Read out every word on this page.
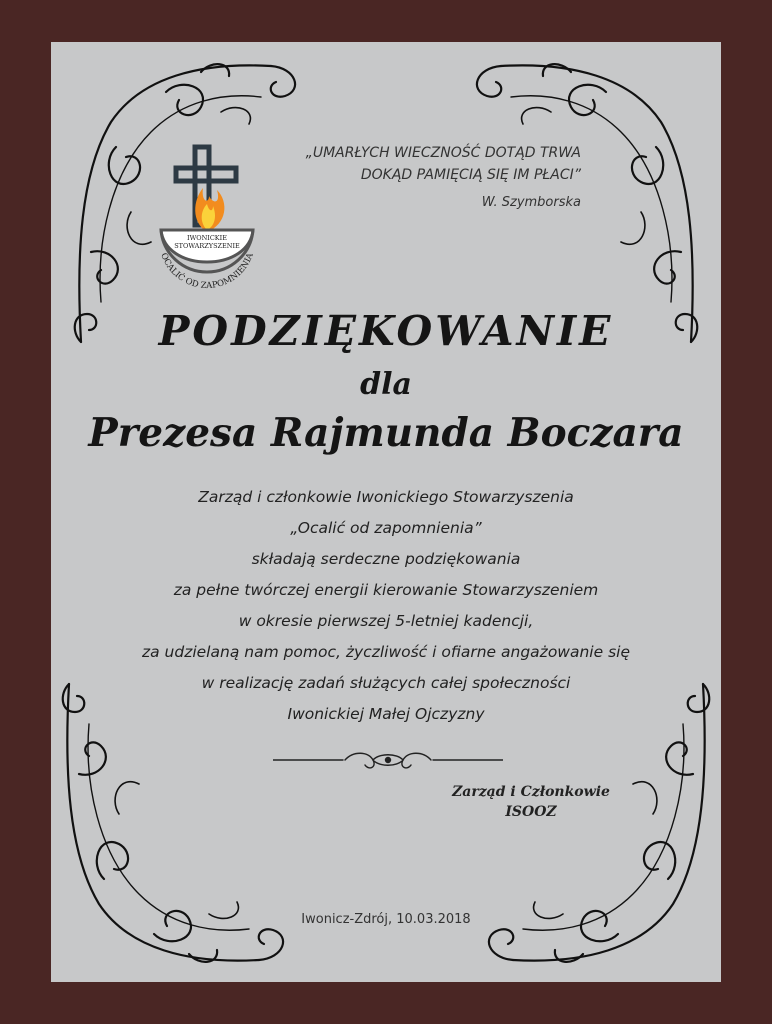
IWONICKIE
STOWARZYSZENIE
OCALIĆ OD ZAPOMNIENIA
„UMARŁYCH WIECZNOŚĆ DOTĄD TRWA
DOKĄD PAMIĘCIĄ SIĘ IM PŁACI”
W. Szymborska
PODZIĘKOWANIE
dla
Prezesa Rajmunda Boczara
Zarząd i członkowie Iwonickiego Stowarzyszenia
„Ocalić od zapomnienia”
składają serdeczne podziękowania
za pełne twórczej energii kierowanie Stowarzyszeniem
w okresie pierwszej 5-letniej kadencji,
za udzielaną nam pomoc, życzliwość i ofiarne angażowanie się
w realizację zadań służących całej społeczności
Iwonickiej Małej Ojczyzny
Zarząd i Członkowie
ISOOZ
Iwonicz-Zdrój, 10.03.2018
